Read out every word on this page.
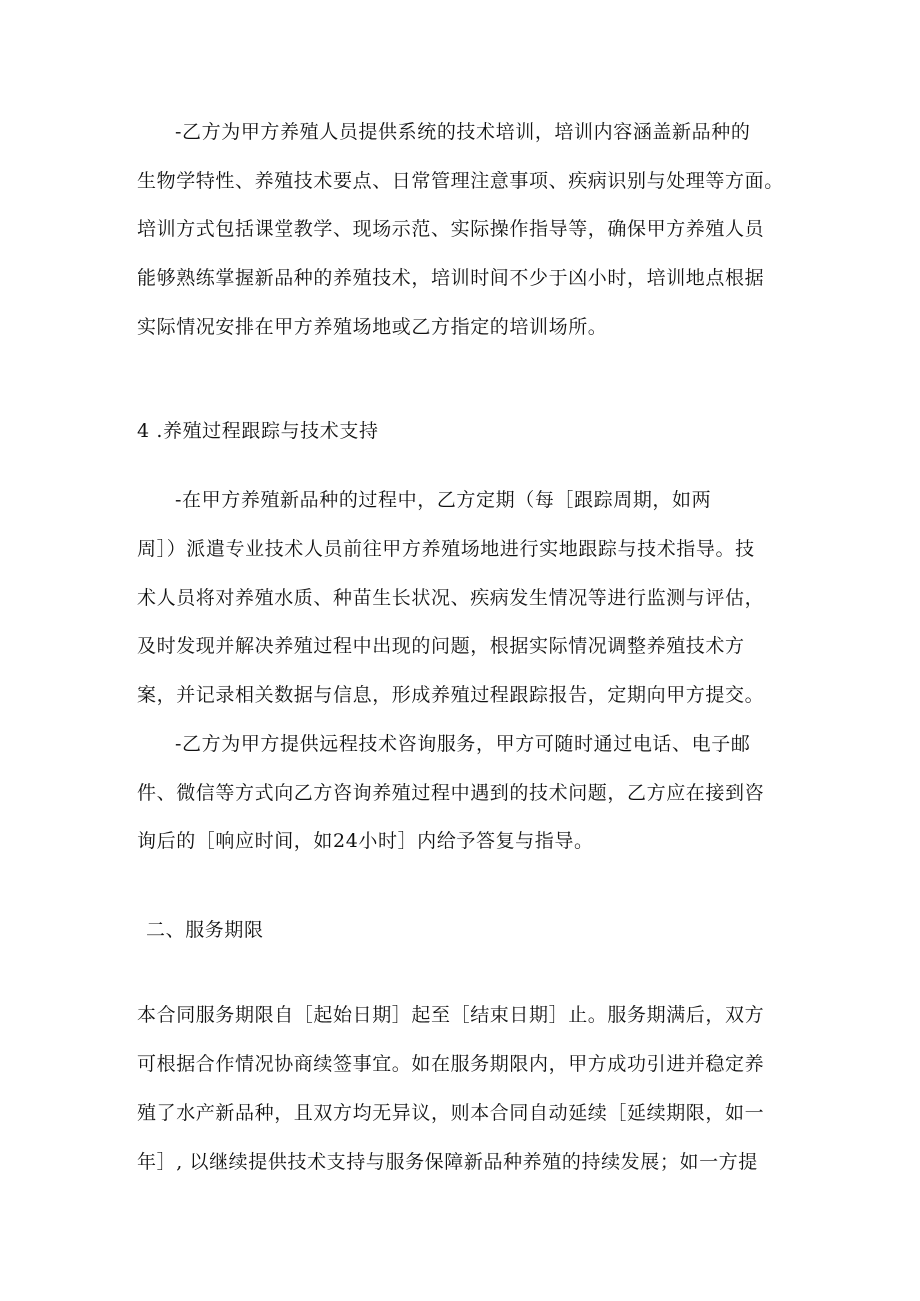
-乙方为甲方养殖人员提供系统的技术培训，培训内容涵盖新品种的
生物学特性、养殖技术要点、日常管理注意事项、疾病识别与处理等方面。
培训方式包括课堂教学、现场示范、实际操作指导等，确保甲方养殖人员
能够熟练掌握新品种的养殖技术，培训时间不少于凶小时，培训地点根据
实际情况安排在甲方养殖场地或乙方指定的培训场所。
4 .养殖过程跟踪与技术支持
-在甲方养殖新品种的过程中，乙方定期（每［跟踪周期，如两
周］）派遣专业技术人员前往甲方养殖场地进行实地跟踪与技术指导。技
术人员将对养殖水质、种苗生长状况、疾病发生情况等进行监测与评估，
及时发现并解决养殖过程中出现的问题，根据实际情况调整养殖技术方
案，并记录相关数据与信息，形成养殖过程跟踪报告，定期向甲方提交。
-乙方为甲方提供远程技术咨询服务，甲方可随时通过电话、电子邮
件、微信等方式向乙方咨询养殖过程中遇到的技术问题，乙方应在接到咨
询后的［响应时间，如24小时］内给予答复与指导。
二、服务期限
本合同服务期限自［起始日期］起至［结束日期］止。服务期满后，双方
可根据合作情况协商续签事宜。如在服务期限内，甲方成功引进并稳定养
殖了水产新品种，且双方均无异议，则本合同自动延续［延续期限，如一
年］, 以继续提供技术支持与服务保障新品种养殖的持续发展；如一方提
